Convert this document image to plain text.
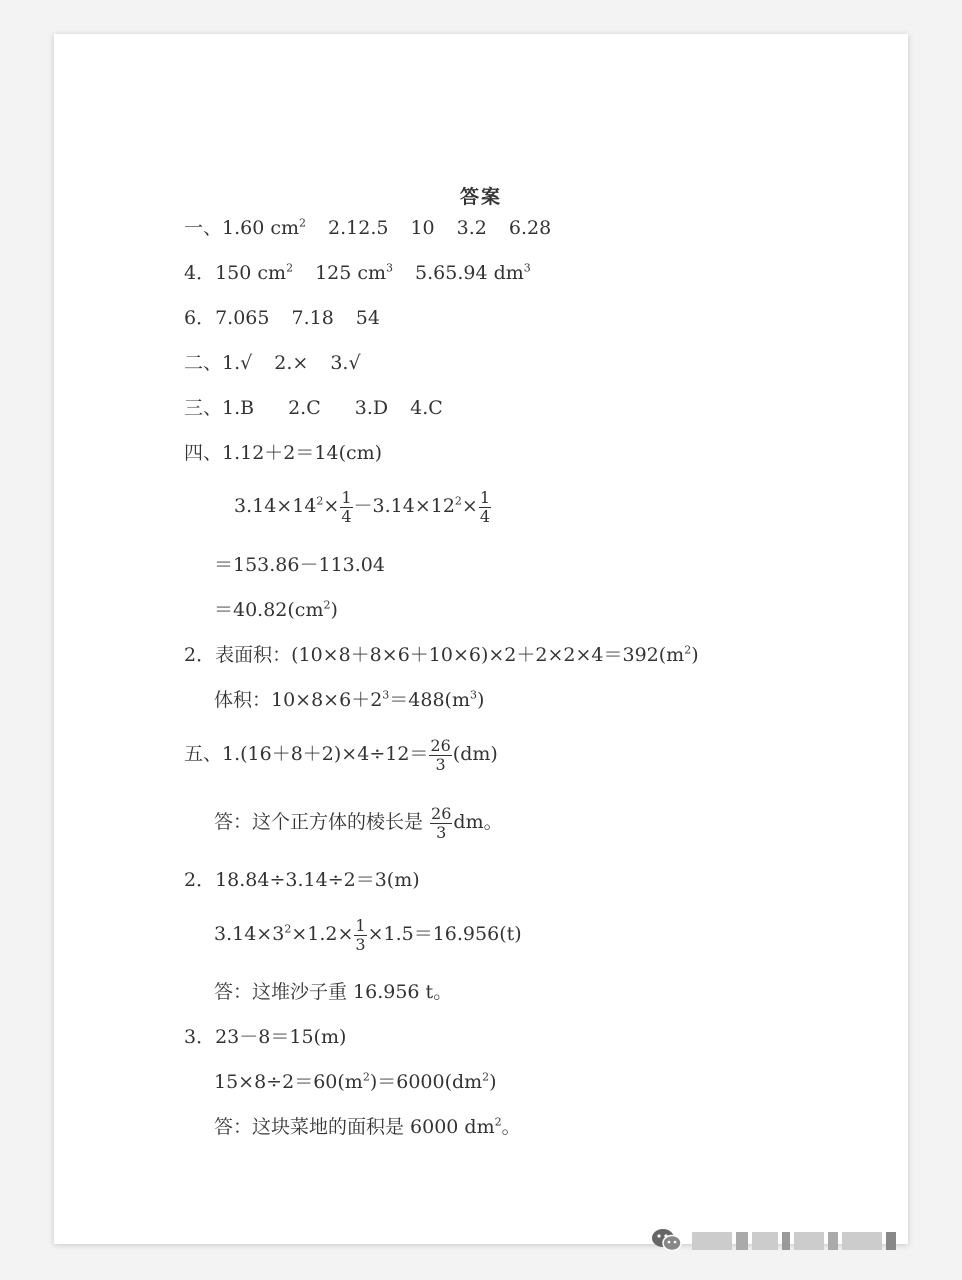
答案
一、1.60 $cm^2$ 2.12.5 10 3.2 6.28
4．150 $cm^2$ 125 $cm^3$ 5.65.94 $dm^3$
6．7.065 7.18 54
二、1.√ 2.× 3.√
三、1.B 2.C 3.D 4.C
四、1.12＋2＝14(cm)
$3.14\times 14^2\times \frac{1}{4} -3.14\times 12^2\times \frac{1}{4}$
＝153.86－113.04
$=40.82(cm^2)$
2．表面积：$(10\times 8+8\times 6+10\times 6)\times 2+2\times 2\times 4=392(m^2)$
体积：$10\times 8\times 6+2^3=488(m^3)$
五、$1.(16+8+2)\times 4\div 12= \frac{26}{3} (dm)$
答：这个正方体的棱长是 $\frac{26}{3}$ dm。
2．18.84÷3.14÷2＝3(m)
$3.14\times 3^2\times 1.2\times \frac{1}{3} \times 1.5=16.956(t)$
答：这堆沙子重 16.956 t。
3．23－8＝15(m)
$15\times 8\div 2=60(m^2)=6000(dm^2)$
答：这块菜地的面积是 6000 $dm^2$。
